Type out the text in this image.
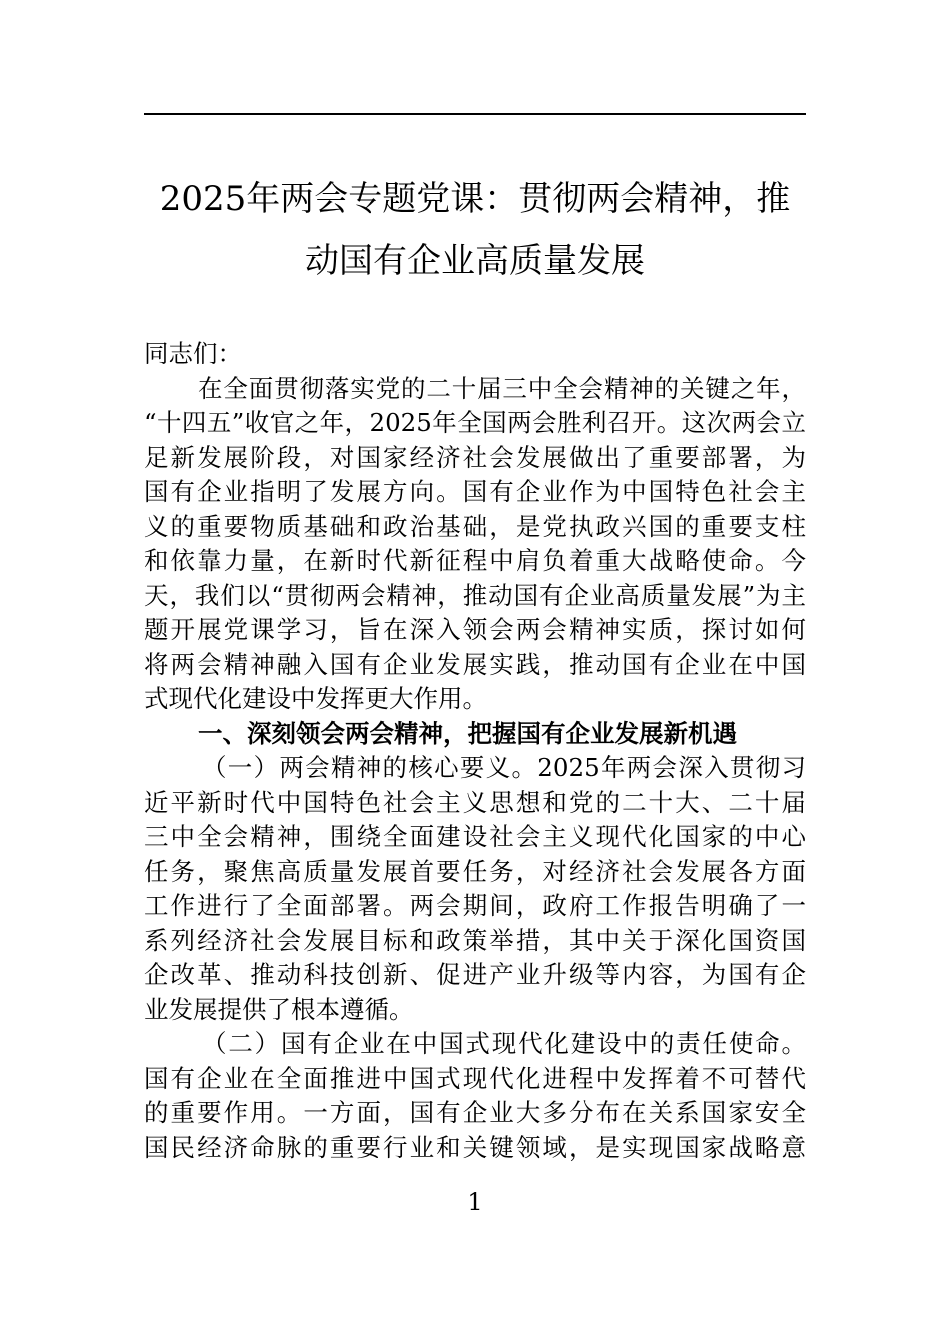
2025年两会专题党课：贯彻两会精神，推
动国有企业高质量发展
同志们：
在全面贯彻落实党的二十届三中全会精神的关键之年，
“十四五”收官之年，2025年全国两会胜利召开。这次两会立
足新发展阶段，对国家经济社会发展做出了重要部署，为
国有企业指明了发展方向。国有企业作为中国特色社会主
义的重要物质基础和政治基础，是党执政兴国的重要支柱
和依靠力量，在新时代新征程中肩负着重大战略使命。今
天，我们以“贯彻两会精神，推动国有企业高质量发展”为主
题开展党课学习，旨在深入领会两会精神实质，探讨如何
将两会精神融入国有企业发展实践，推动国有企业在中国
式现代化建设中发挥更大作用。
一、深刻领会两会精神，把握国有企业发展新机遇
（一）两会精神的核心要义。2025年两会深入贯彻习
近平新时代中国特色社会主义思想和党的二十大、二十届
三中全会精神，围绕全面建设社会主义现代化国家的中心
任务，聚焦高质量发展首要任务，对经济社会发展各方面
工作进行了全面部署。两会期间，政府工作报告明确了一
系列经济社会发展目标和政策举措，其中关于深化国资国
企改革、推动科技创新、促进产业升级等内容，为国有企
业发展提供了根本遵循。
（二）国有企业在中国式现代化建设中的责任使命。
国有企业在全面推进中国式现代化进程中发挥着不可替代
的重要作用。一方面，国有企业大多分布在关系国家安全
国民经济命脉的重要行业和关键领域，是实现国家战略意
1
